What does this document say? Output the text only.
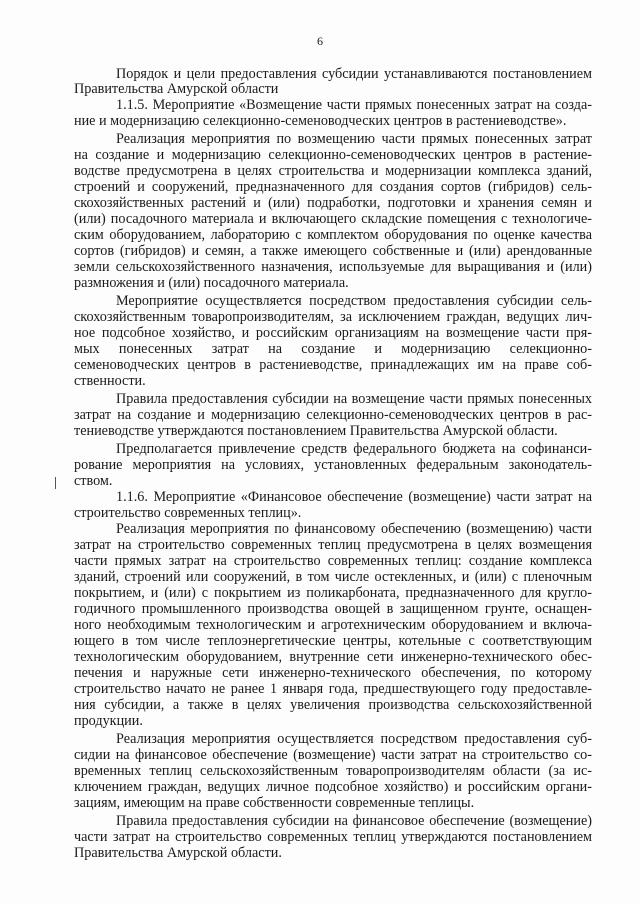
6
Порядок и цели предоставления субсидии устанавливаются постановлением
Правительства Амурской области
1.1.5. Мероприятие «Возмещение части прямых понесенных затрат на созда-
ние и модернизацию селекционно-семеноводческих центров в растениеводстве».
Реализация мероприятия по возмещению части прямых понесенных затрат
на создание и модернизацию селекционно-семеноводческих центров в растение-
водстве предусмотрена в целях строительства и модернизации комплекса зданий,
строений и сооружений, предназначенного для создания сортов (гибридов) сель-
скохозяйственных растений и (или) подработки, подготовки и хранения семян и
(или) посадочного материала и включающего складские помещения с технологиче-
ским оборудованием, лабораторию с комплектом оборудования по оценке качества
сортов (гибридов) и семян, а также имеющего собственные и (или) арендованные
земли сельскохозяйственного назначения, используемые для выращивания и (или)
размножения и (или) посадочного материала.
Мероприятие осуществляется посредством предоставления субсидии сель-
скохозяйственным товаропроизводителям, за исключением граждан, ведущих лич-
ное подсобное хозяйство, и российским организациям на возмещение части пря-
мых понесенных затрат на создание и модернизацию селекционно-
семеноводческих центров в растениеводстве, принадлежащих им на праве соб-
ственности.
Правила предоставления субсидии на возмещение части прямых понесенных
затрат на создание и модернизацию селекционно-семеноводческих центров в рас-
тениеводстве утверждаются постановлением Правительства Амурской области.
Предполагается привлечение средств федерального бюджета на софинанси-
рование мероприятия на условиях, установленных федеральным законодатель-
ством.
1.1.6. Мероприятие «Финансовое обеспечение (возмещение) части затрат на
строительство современных теплиц».
Реализация мероприятия по финансовому обеспечению (возмещению) части
затрат на строительство современных теплиц предусмотрена в целях возмещения
части прямых затрат на строительство современных теплиц: создание комплекса
зданий, строений или сооружений, в том числе остекленных, и (или) с пленочным
покрытием, и (или) с покрытием из поликарбоната, предназначенного для кругло-
годичного промышленного производства овощей в защищенном грунте, оснащен-
ного необходимым технологическим и агротехническим оборудованием и включа-
ющего в том числе теплоэнергетические центры, котельные с соответствующим
технологическим оборудованием, внутренние сети инженерно-технического обес-
печения и наружные сети инженерно-технического обеспечения, по которому
строительство начато не ранее 1 января года, предшествующего году предоставле-
ния субсидии, а также в целях увеличения производства сельскохозяйственной
продукции.
Реализация мероприятия осуществляется посредством предоставления суб-
сидии на финансовое обеспечение (возмещение) части затрат на строительство со-
временных теплиц сельскохозяйственным товаропроизводителям области (за ис-
ключением граждан, ведущих личное подсобное хозяйство) и российским органи-
зациям, имеющим на праве собственности современные теплицы.
Правила предоставления субсидии на финансовое обеспечение (возмещение)
части затрат на строительство современных теплиц утверждаются постановлением
Правительства Амурской области.
